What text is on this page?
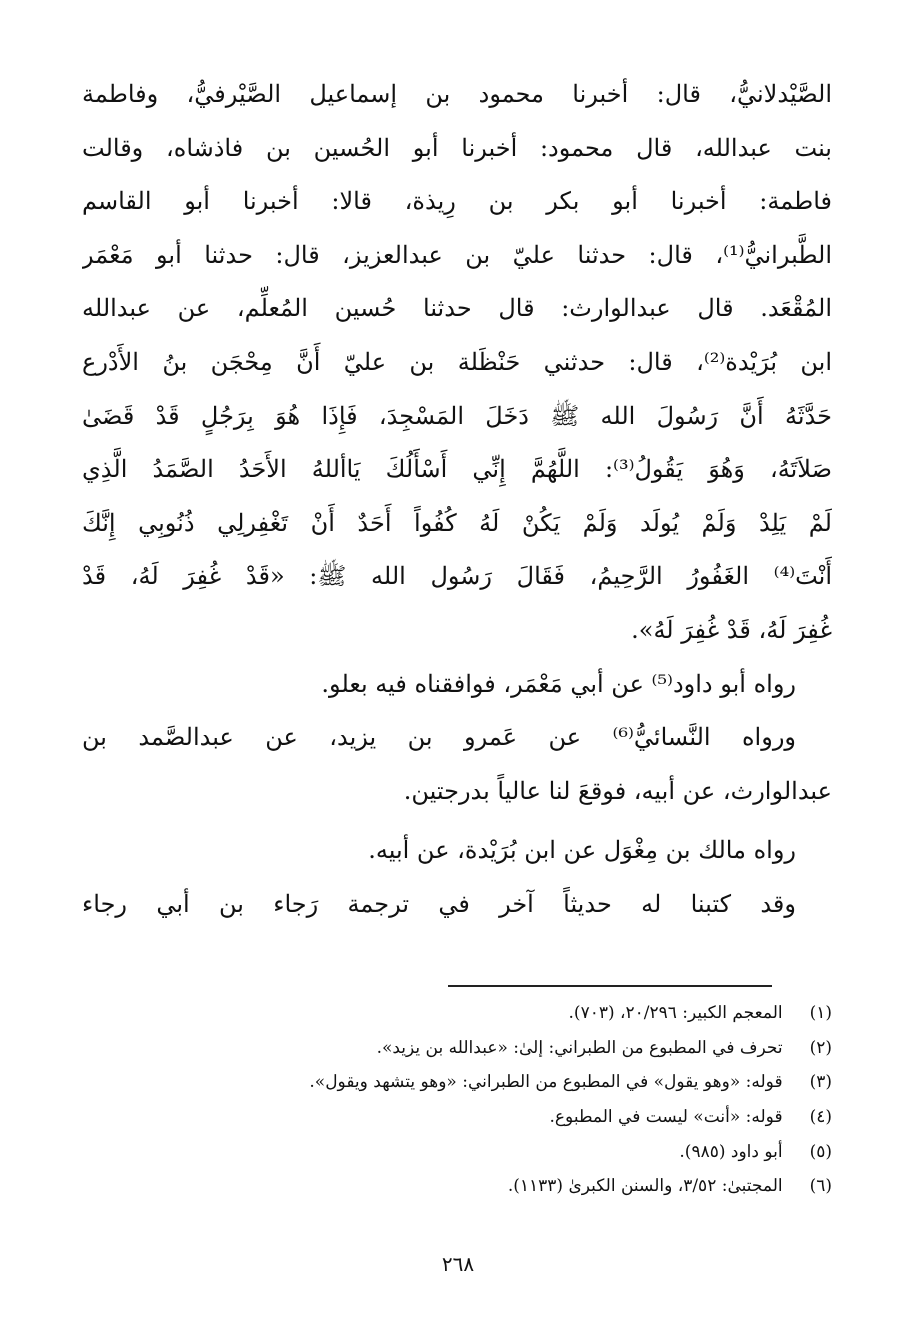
الصَّيْدلانيُّ، قال: أخبرنا محمود بن إسماعيل الصَّيْرفيُّ، وفاطمة
بنت عبدالله، قال محمود: أخبرنا أبو الحُسين بن فاذشاه، وقالت
فاطمة: أخبرنا أبو بكر بن رِيذة، قالا: أخبرنا أبو القاسم
الطَّبرانيُّ⁽¹⁾، قال: حدثنا عليّ بن عبدالعزيز، قال: حدثنا أبو مَعْمَر
المُقْعَد. قال عبدالوارث: قال حدثنا حُسين المُعلِّم، عن عبدالله
ابن بُرَيْدة⁽²⁾، قال: حدثني حَنْظَلة بن عليّ أَنَّ مِحْجَن بنُ الأَدْرع
حَدَّثَهُ أَنَّ رَسُولَ الله ﷺ دَخَلَ المَسْجِدَ، فَإِذَا هُوَ بِرَجُلٍ قَدْ قَضَىٰ
صَلاَتَهُ، وَهُوَ يَقُولُ⁽³⁾: اللَّهُمَّ إِنِّي أَسْأَلُكَ يَاأللهُ الأَحَدُ الصَّمَدُ الَّذِي
لَمْ يَلِدْ وَلَمْ يُولَد وَلَمْ يَكُنْ لَهُ كُفُواً أَحَدٌ أَنْ تَغْفِرلِي ذُنُوبِي إِنَّكَ
أَنْتَ⁽⁴⁾ الغَفُورُ الرَّحِيمُ، فَقَالَ رَسُول الله ﷺ: «قَدْ غُفِرَ لَهُ، قَدْ
غُفِرَ لَهُ، قَدْ غُفِرَ لَهُ».
رواه أبو داود⁽⁵⁾ عن أبي مَعْمَر، فوافقناه فيه بعلو.
ورواه النَّسائيُّ⁽⁶⁾ عن عَمرو بن يزيد، عن عبدالصَّمد بن
عبدالوارث، عن أبيه، فوقعَ لنا عالياً بدرجتين.
رواه مالك بن مِغْوَل عن ابن بُرَيْدة، عن أبيه.
وقد كتبنا له حديثاً آخر في ترجمة رَجاء بن أبي رجاء
(١) المعجم الكبير: ٢٠/٢٩٦، (٧٠٣).
(٢) تحرف في المطبوع من الطبراني: إلىٰ: «عبدالله بن يزيد».
(٣) قوله: «وهو يقول» في المطبوع من الطبراني: «وهو يتشهد ويقول».
(٤) قوله: «أنت» ليست في المطبوع.
(٥) أبو داود (٩٨٥).
(٦) المجتبىٰ: ٣/٥٢، والسنن الكبرىٰ (١١٣٣).
٢٦٨
